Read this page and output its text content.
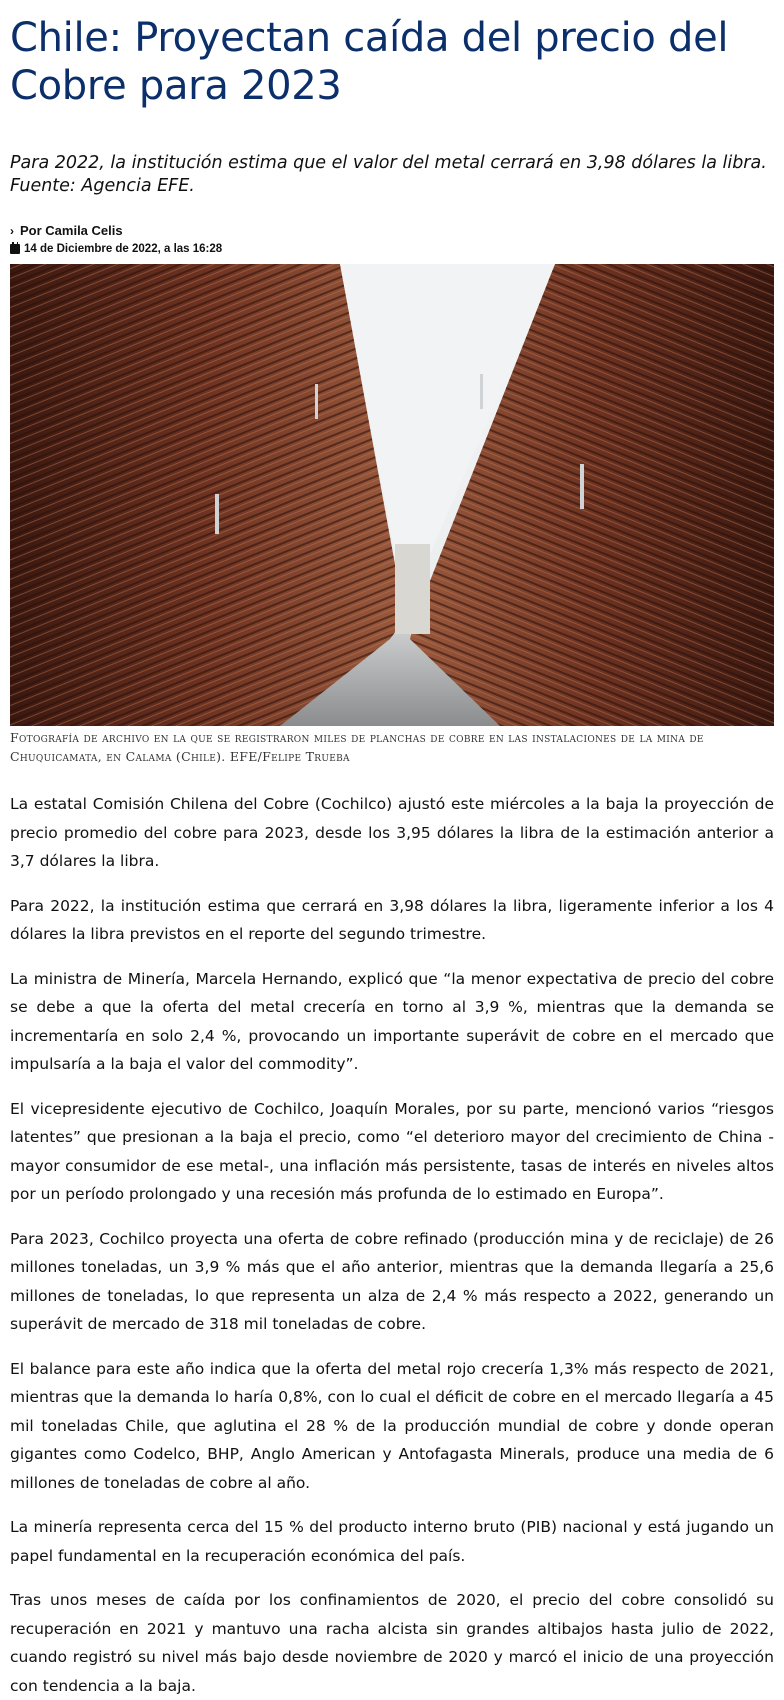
Chile: Proyectan caída del precio del Cobre para 2023
Para 2022, la institución estima que el valor del metal cerrará en 3,98 dólares la libra. Fuente: Agencia EFE.
› Por Camila Celis
14 de Diciembre de 2022, a las 16:28
Fotografía de archivo en la que se registraron miles de planchas de cobre en las instalaciones de la mina de Chuquicamata, en Calama (Chile). EFE/Felipe Trueba

La estatal Comisión Chilena del Cobre (Cochilco) ajustó este miércoles a la baja la proyección de precio promedio del cobre para 2023, desde los 3,95 dólares la libra de la estimación anterior a 3,7 dólares la libra.

Para 2022, la institución estima que cerrará en 3,98 dólares la libra, ligeramente inferior a los 4 dólares la libra previstos en el reporte del segundo trimestre.

La ministra de Minería, Marcela Hernando, explicó que “la menor expectativa de precio del cobre se debe a que la oferta del metal crecería en torno al 3,9 %, mientras que la demanda se incrementaría en solo 2,4 %, provocando un importante superávit de cobre en el mercado que impulsaría a la baja el valor del commodity”.

El vicepresidente ejecutivo de Cochilco, Joaquín Morales, por su parte, mencionó varios “riesgos latentes” que presionan a la baja el precio, como “el deterioro mayor del crecimiento de China -mayor consumidor de ese metal-, una inflación más persistente, tasas de interés en niveles altos por un período prolongado y una recesión más profunda de lo estimado en Europa”.

Para 2023, Cochilco proyecta una oferta de cobre refinado (producción mina y de reciclaje) de 26 millones toneladas, un 3,9 % más que el año anterior, mientras que la demanda llegaría a 25,6 millones de toneladas, lo que representa un alza de 2,4 % más respecto a 2022, generando un superávit de mercado de 318 mil toneladas de cobre.

El balance para este año indica que la oferta del metal rojo crecería 1,3% más respecto de 2021, mientras que la demanda lo haría 0,8%, con lo cual el déficit de cobre en el mercado llegaría a 45 mil toneladas Chile, que aglutina el 28 % de la producción mundial de cobre y donde operan gigantes como Codelco, BHP, Anglo American y Antofagasta Minerals, produce una media de 6 millones de toneladas de cobre al año.

La minería representa cerca del 15 % del producto interno bruto (PIB) nacional y está jugando un papel fundamental en la recuperación económica del país.

Tras unos meses de caída por los confinamientos de 2020, el precio del cobre consolidó su recuperación en 2021 y mantuvo una racha alcista sin grandes altibajos hasta julio de 2022, cuando registró su nivel más bajo desde noviembre de 2020 y marcó el inicio de una proyección con tendencia a la baja.
